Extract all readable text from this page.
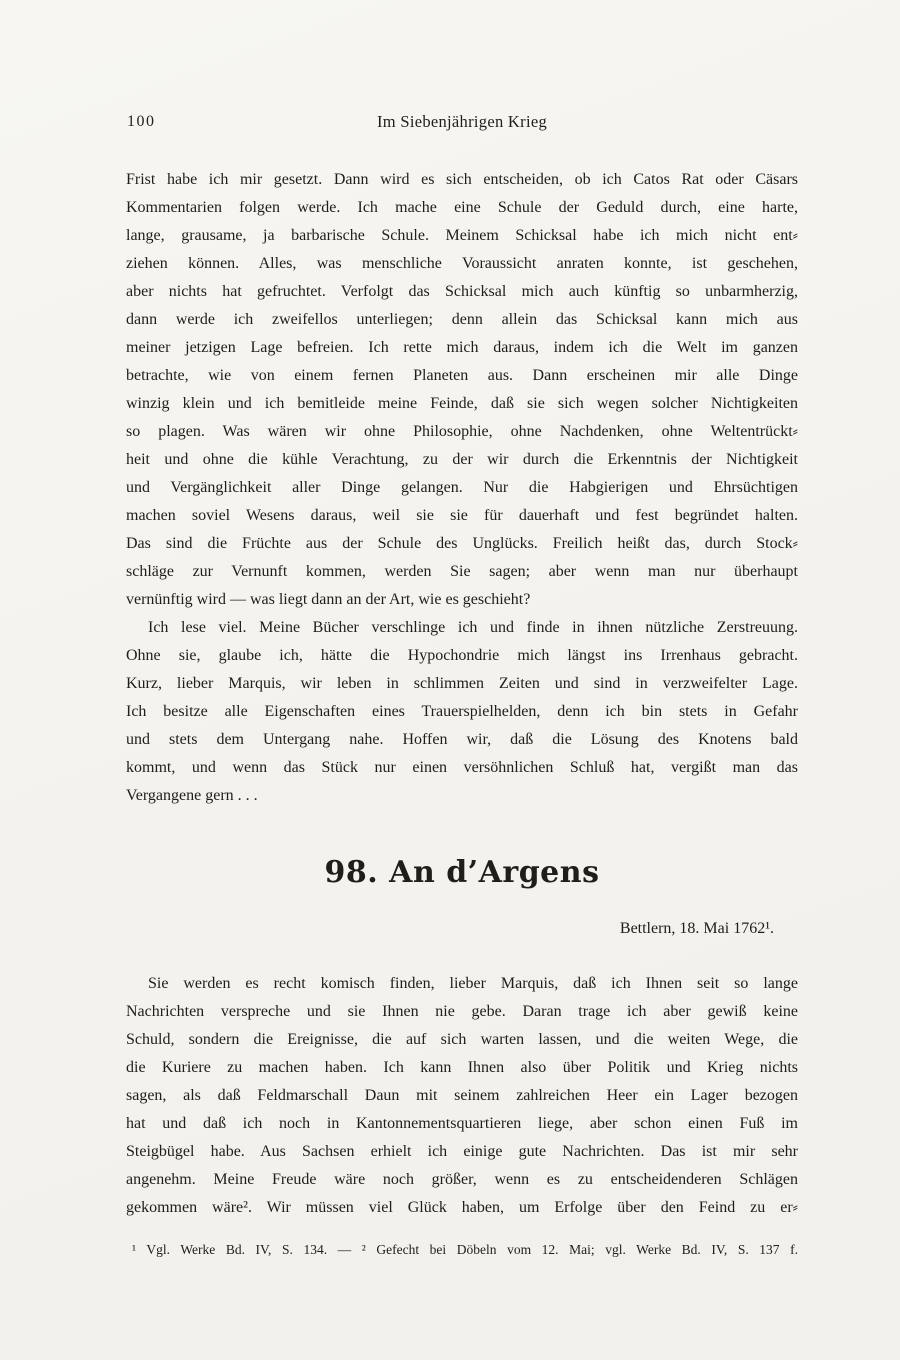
100	Im Siebenjährigen Krieg
Frist habe ich mir gesetzt. Dann wird es sich entscheiden, ob ich Catos Rat oder Cäsars
Kommentarien folgen werde. Ich mache eine Schule der Geduld durch, eine harte,
lange, grausame, ja barbarische Schule. Meinem Schicksal habe ich mich nicht ent⸗
ziehen können. Alles, was menschliche Voraussicht anraten konnte, ist geschehen,
aber nichts hat gefruchtet. Verfolgt das Schicksal mich auch künftig so unbarmherzig,
dann werde ich zweifellos unterliegen; denn allein das Schicksal kann mich aus
meiner jetzigen Lage befreien. Ich rette mich daraus, indem ich die Welt im ganzen
betrachte, wie von einem fernen Planeten aus. Dann erscheinen mir alle Dinge
winzig klein und ich bemitleide meine Feinde, daß sie sich wegen solcher Nichtigkeiten
so plagen. Was wären wir ohne Philosophie, ohne Nachdenken, ohne Weltentrückt⸗
heit und ohne die kühle Verachtung, zu der wir durch die Erkenntnis der Nichtigkeit
und Vergänglichkeit aller Dinge gelangen. Nur die Habgierigen und Ehrsüchtigen
machen soviel Wesens daraus, weil sie sie für dauerhaft und fest begründet halten.
Das sind die Früchte aus der Schule des Unglücks. Freilich heißt das, durch Stock⸗
schläge zur Vernunft kommen, werden Sie sagen; aber wenn man nur überhaupt
vernünftig wird — was liegt dann an der Art, wie es geschieht?
Ich lese viel. Meine Bücher verschlinge ich und finde in ihnen nützliche Zerstreuung.
Ohne sie, glaube ich, hätte die Hypochondrie mich längst ins Irrenhaus gebracht.
Kurz, lieber Marquis, wir leben in schlimmen Zeiten und sind in verzweifelter Lage.
Ich besitze alle Eigenschaften eines Trauerspielhelden, denn ich bin stets in Gefahr
und stets dem Untergang nahe. Hoffen wir, daß die Lösung des Knotens bald
kommt, und wenn das Stück nur einen versöhnlichen Schluß hat, vergißt man das
Vergangene gern . . .
98. An d’Argens
Bettlern, 18. Mai 1762¹.
Sie werden es recht komisch finden, lieber Marquis, daß ich Ihnen seit so lange
Nachrichten verspreche und sie Ihnen nie gebe. Daran trage ich aber gewiß keine
Schuld, sondern die Ereignisse, die auf sich warten lassen, und die weiten Wege, die
die Kuriere zu machen haben. Ich kann Ihnen also über Politik und Krieg nichts
sagen, als daß Feldmarschall Daun mit seinem zahlreichen Heer ein Lager bezogen
hat und daß ich noch in Kantonnementsquartieren liege, aber schon einen Fuß im
Steigbügel habe. Aus Sachsen erhielt ich einige gute Nachrichten. Das ist mir sehr
angenehm. Meine Freude wäre noch größer, wenn es zu entscheidenderen Schlägen
gekommen wäre². Wir müssen viel Glück haben, um Erfolge über den Feind zu er⸗
¹ Vgl. Werke Bd. IV, S. 134. — ² Gefecht bei Döbeln vom 12. Mai; vgl. Werke Bd. IV, S. 137 f.
